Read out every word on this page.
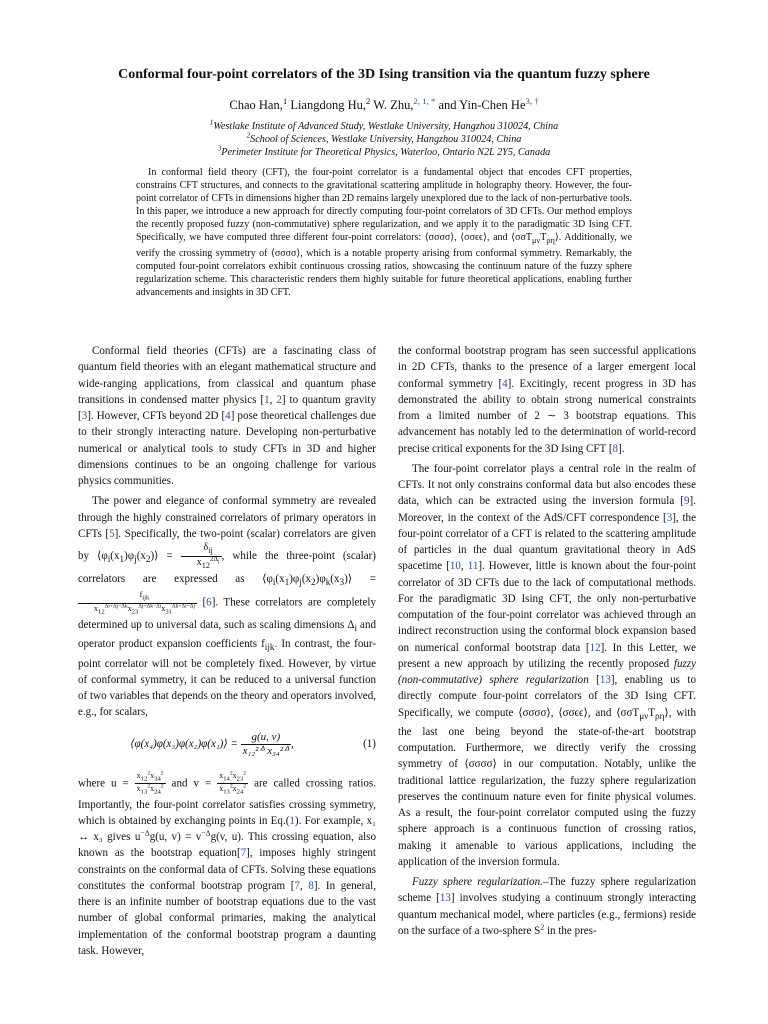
Conformal four-point correlators of the 3D Ising transition via the quantum fuzzy sphere
Chao Han,$^1$ Liangdong Hu,$^2$ W. Zhu,$^{2, 1, *}$ and Yin-Chen $He^{3, \dagger}$
$^1$Westlake Institute of Advanced Study, Westlake University, Hangzhou 310024, China
$^2$School of Sciences, Westlake University, Hangzhou 310024, China
$^3$Perimeter Institute for Theoretical Physics, Waterloo, Ontario N2L 2Y5, Canada
In conformal field theory (CFT), the four-point correlator is a fundamental object that encodes CFT properties, constrains CFT structures, and connects to the gravitational scattering amplitude in holography theory. However, the four-point correlator of CFTs in dimensions higher than 2D remains largely unexplored due to the lack of non-perturbative tools. In this paper, we introduce a new approach for directly computing four-point correlators of 3D CFTs. Our method employs the recently proposed fuzzy (non-commutative) sphere regularization, and we apply it to the paradigmatic 3D Ising CFT. Specifically, we have computed three different four-point correlators: ⟨σσσσ⟩, ⟨σσϵϵ⟩, and $⟨\sigma\sigma T_{\mu\nu}T_{\rho\eta}⟩$. Additionally, we verify the crossing symmetry of ⟨σσσσ⟩, which is a notable property arising from conformal symmetry. Remarkably, the computed four-point correlators exhibit continuous crossing ratios, showcasing the continuum nature of the fuzzy sphere regularization scheme. This characteristic renders them highly suitable for future theoretical applications, enabling further advancements and insights in 3D CFT.

Conformal field theories (CFTs) are a fascinating class of quantum field theories with an elegant mathematical structure and wide-ranging applications, from classical and quantum phase transitions in condensed matter physics [1, 2] to quantum gravity [3]. However, CFTs beyond 2D [4] pose theoretical challenges due to their strongly interacting nature. Developing non-perturbative numerical or analytical tools to study CFTs in 3D and higher dimensions continues to be an ongoing challenge for various physics communities.

The power and elegance of conformal symmetry are revealed through the highly constrained correlators of primary operators in CFTs [5]. Specifically, the two-point (scalar) correlators are given by $⟨\varphi_i(x_1)\varphi_j(x_2)⟩ = \frac{\delta_{ij}}{x_{12}^{2\Delta_i}}$ , while the three-point (scalar) correlators are expressed as $⟨\varphi_i(x_1)\varphi_j(x_2)\varphi_k(x_3)⟩$ =
$\frac{f_{ijk}}{x_{12}^{\Delta i+\Delta j-\Delta k}x_{23}^{\Delta j+\Delta k-\Delta i}x_{31}^{\Delta k+\Delta i-\Delta j}} [6]$. These correlators are completely determined up to universal data, such as scaling dimensions $\Delta_i$ and operator product expansion coefficients $f_{ijk}$. In contrast, the four-point correlator will not be completely fixed. However, by virtue of conformal symmetry, it can be reduced to a universal function of two variables that depends on the theory and operators involved, e.g., for scalars,

⟨φ(x₄)φ(x₃)φ(x₂)φ(x₁)⟩ = $\frac{g(u, v)}{\text{x₁₂²ᐞ x₃₄²ᐞ}}$ ,	(1)

where $u = \frac{x_{12}^2x_{34}^2}{x_{13}^2x_{24}^2}$ and $v = \frac{x_{14}^2x_{23}^2}{x_{13}^2x_{24}^2}$ are called crossing ratios. Importantly, the four-point correlator satisfies crossing symmetry, which is obtained by exchanging points in Eq.(1). For example, x₁ ↔ x₃ gives $u^{-\Delta}g(u$, $v) = v^{-\Delta}g(v$, u). This crossing equation, also known as the bootstrap equation[7], imposes highly stringent constraints on the conformal data of CFTs. Solving these equations constitutes the conformal bootstrap program [7, 8]. In general, there is an infinite number of bootstrap equations due to the vast number of global conformal primaries, making the analytical implementation of the conformal bootstrap program a daunting task. However,

the conformal bootstrap program has seen successful applications in 2D CFTs, thanks to the presence of a larger emergent local conformal symmetry [4]. Excitingly, recent progress in 3D has demonstrated the ability to obtain strong numerical constraints from a limited number of 2 ∼ 3 bootstrap equations. This advancement has notably led to the determination of world-record precise critical exponents for the 3D Ising CFT [8].

The four-point correlator plays a central role in the realm of CFTs. It not only constrains conformal data but also encodes these data, which can be extracted using the inversion formula [9]. Moreover, in the context of the AdS/CFT correspondence [3], the four-point correlator of a CFT is related to the scattering amplitude of particles in the dual quantum gravitational theory in AdS spacetime [10, 11]. However, little is known about the four-point correlator of 3D CFTs due to the lack of computational methods. For the paradigmatic 3D Ising CFT, the only non-perturbative computation of the four-point correlator was achieved through an indirect reconstruction using the conformal block expansion based on numerical conformal bootstrap data [12]. In this Letter, we present a new approach by utilizing the recently proposed fuzzy (non-commutative) sphere regularization [13], enabling us to directly compute four-point correlators of the 3D Ising CFT. Specifically, we compute ⟨σσσσ⟩, ⟨σσϵϵ⟩, and $⟨\sigma\sigma T_{\mu\nu}T_{\rho\eta}⟩$, with the last one being beyond the state-of-the-art bootstrap computation. Furthermore, we directly verify the crossing symmetry of ⟨σσσσ⟩ in our computation. Notably, unlike the traditional lattice regularization, the fuzzy sphere regularization preserves the continuum nature even for finite physical volumes. As a result, the four-point correlator computed using the fuzzy sphere approach is a continuous function of crossing ratios, making it amenable to various applications, including the application of the inversion formula.

Fuzzy sphere regularization.–The fuzzy sphere regularization scheme [13] involves studying a continuum strongly interacting quantum mechanical model, where particles (e.g., fermions) reside on the surface of a two-sphere $S^2$ in the pres-
